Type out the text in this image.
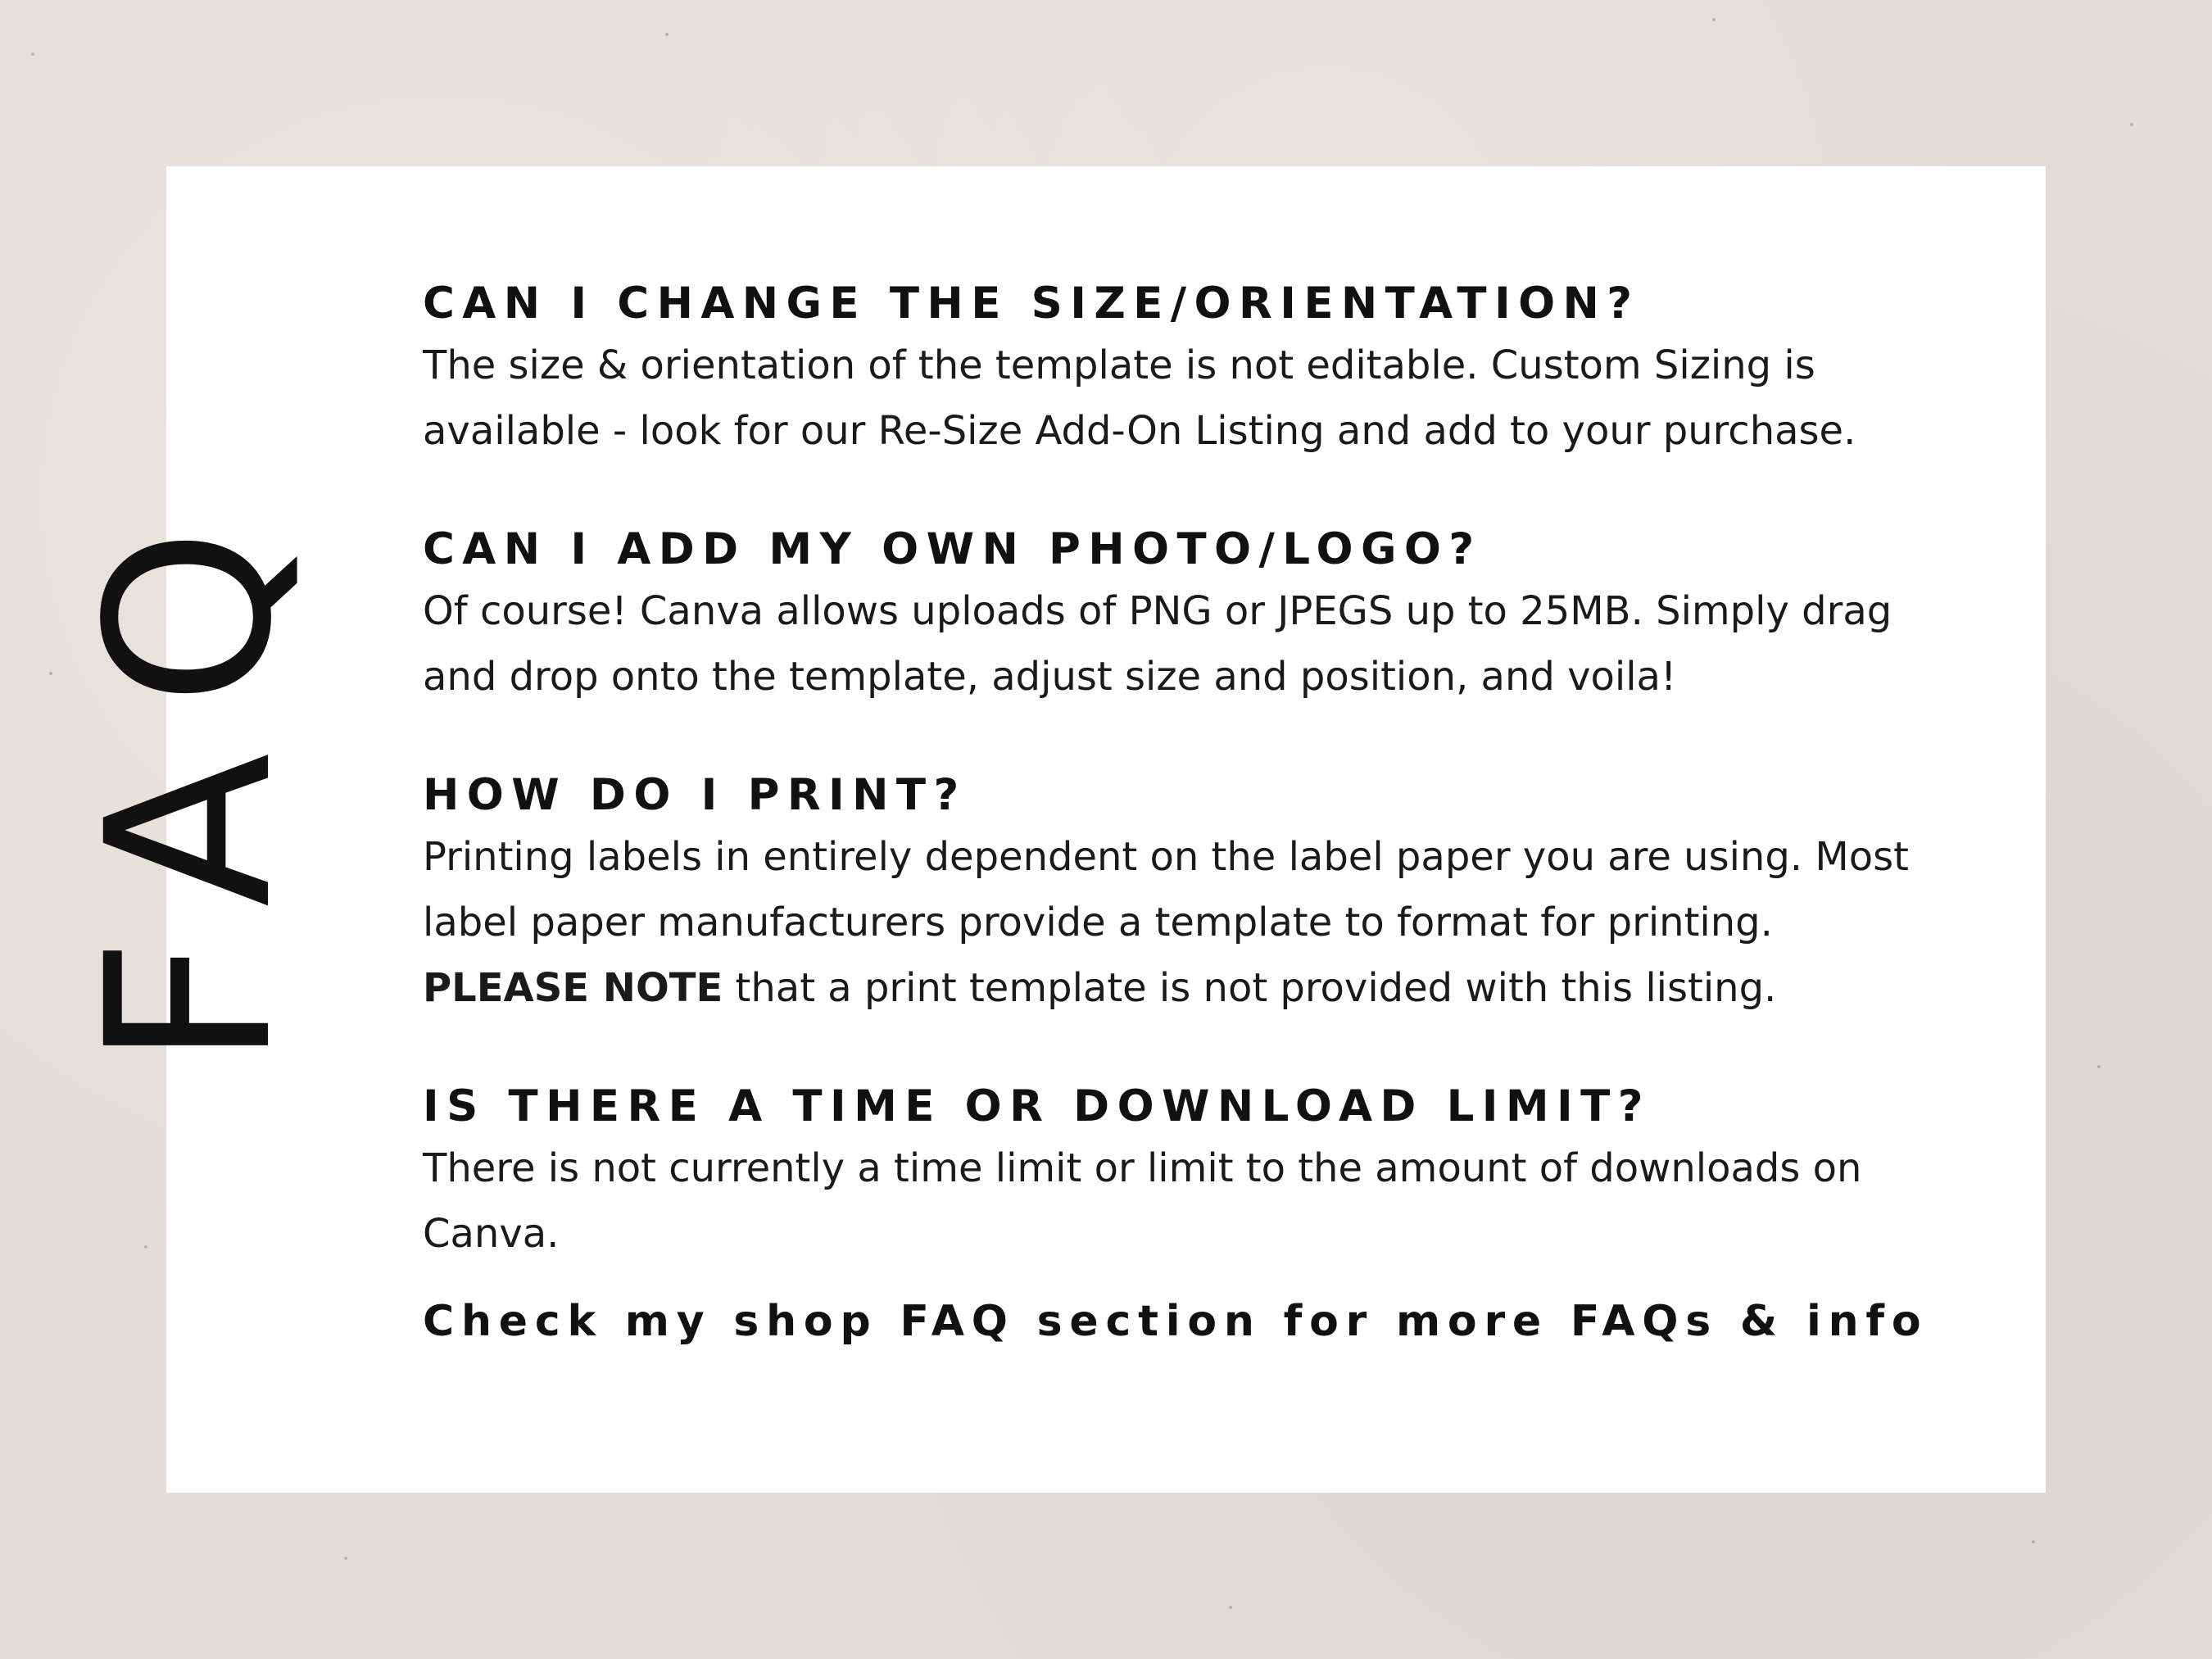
FAQ
CAN I CHANGE THE SIZE/ORIENTATION?
The size & orientation of the template is not editable. Custom Sizing is
available - look for our Re-Size Add-On Listing and add to your purchase.
CAN I ADD MY OWN PHOTO/LOGO?
Of course! Canva allows uploads of PNG or JPEGS up to 25MB. Simply drag
and drop onto the template, adjust size and position, and voila!
HOW DO I PRINT?
Printing labels in entirely dependent on the label paper you are using. Most
label paper manufacturers provide a template to format for printing.
PLEASE NOTE that a print template is not provided with this listing.
IS THERE A TIME OR DOWNLOAD LIMIT?
There is not currently a time limit or limit to the amount of downloads on
Canva.
Check my shop FAQ section for more FAQs & info
